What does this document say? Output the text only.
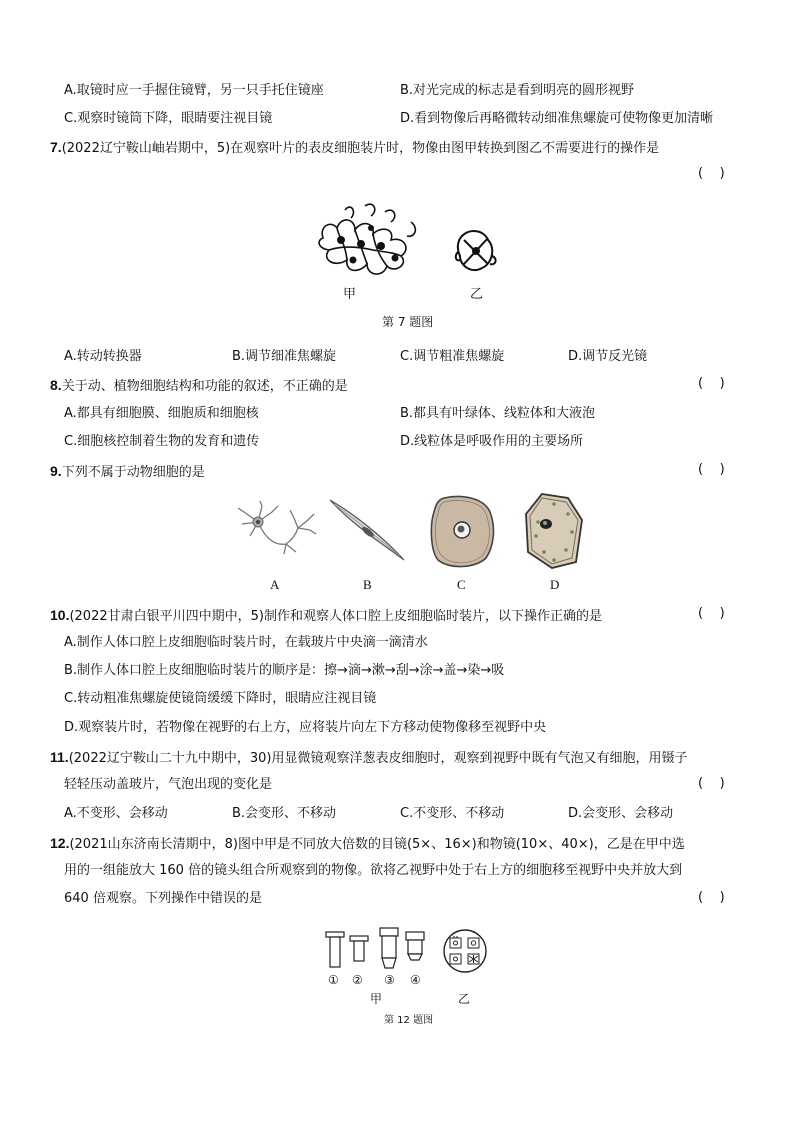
A.取镜时应一手握住镜臂，另一只手托住镜座	B.对光完成的标志是看到明亮的圆形视野
C.观察时镜筒下降，眼睛要注视目镜	D.看到物像后再略微转动细准焦螺旋可使物像更加清晰
7.(2022辽宁鞍山岫岩期中，5)在观察叶片的表皮细胞装片时，物像由图甲转换到图乙不需要进行的操作是
(    )
甲	乙
第 7 题图
A.转动转换器	B.调节细准焦螺旋	C.调节粗准焦螺旋	D.调节反光镜
8.关于动、植物细胞结构和功能的叙述，不正确的是	(    )
A.都具有细胞膜、细胞质和细胞核	B.都具有叶绿体、线粒体和大液泡
C.细胞核控制着生物的发育和遗传	D.线粒体是呼吸作用的主要场所
9.下列不属于动物细胞的是	(    )
A	B	C	D
10.(2022甘肃白银平川四中期中，5)制作和观察人体口腔上皮细胞临时装片，以下操作正确的是	(    )
A.制作人体口腔上皮细胞临时装片时，在载玻片中央滴一滴清水
B.制作人体口腔上皮细胞临时装片的顺序是：擦→滴→漱→刮→涂→盖→染→吸
C.转动粗准焦螺旋使镜筒缓缓下降时，眼睛应注视目镜
D.观察装片时，若物像在视野的右上方，应将装片向左下方移动使物像移至视野中央
11.(2022辽宁鞍山二十九中期中，30)用显微镜观察洋葱表皮细胞时，观察到视野中既有气泡又有细胞，用镊子
轻轻压动盖玻片，气泡出现的变化是	(    )
A.不变形、会移动	B.会变形、不移动	C.不变形、不移动	D.会变形、会移动
12.(2021山东济南长清期中，8)图中甲是不同放大倍数的目镜(5×、16×)和物镜(10×、40×)，乙是在甲中选
用的一组能放大 160 倍的镜头组合所观察到的物像。欲将乙视野中处于右上方的细胞移至视野中央并放大到
640 倍观察。下列操作中错误的是	(    )
① ② ③ ④
甲	乙
第 12 题图
